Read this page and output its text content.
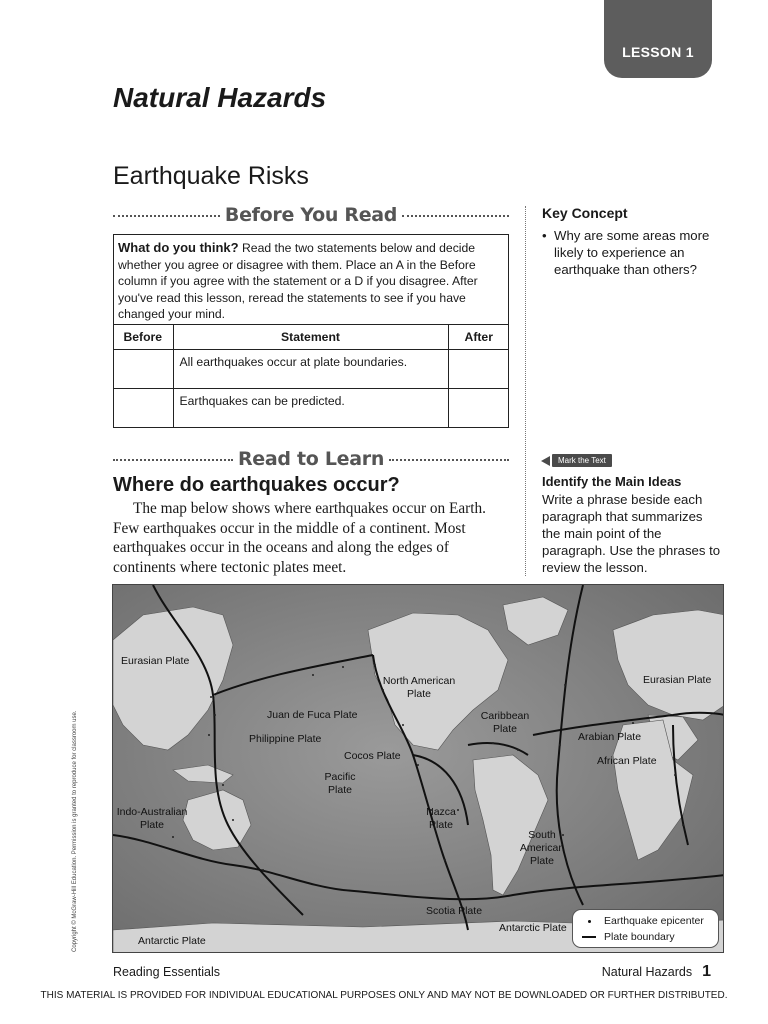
LESSON 1
Natural Hazards
Earthquake Risks
Before You Read
What do you think? Read the two statements below and decide whether you agree or disagree with them. Place an A in the Before column if you agree with the statement or a D if you disagree. After you've read this lesson, reread the statements to see if you have changed your mind.
Before	Statement	After
	All earthquakes occur at plate boundaries.	
	Earthquakes can be predicted.	
Key Concept
• Why are some areas more likely to experience an earthquake than others?
Read to Learn	Mark the Text
Identify the Main Ideas
Write a phrase beside each paragraph that summarizes the main point of the paragraph. Use the phrases to review the lesson.
Where do earthquakes occur?
The map below shows where earthquakes occur on Earth. Few earthquakes occur in the middle of a continent. Most earthquakes occur in the oceans and along the edges of continents where tectonic plates meet.
Eurasian Plate
North American Plate
Eurasian Plate
Juan de Fuca Plate	Caribbean Plate
Philippine Plate	Arabian Plate
Cocos Plate	African Plate
Pacific Plate
Indo-Australian Plate
Nazca Plate
South American Plate
Scotia Plate
Antarctic Plate
Antarctic Plate
Earthquake epicenter
Plate boundary
Copyright © McGraw-Hill Education. Permission is granted to reproduce for classroom use.
Reading Essentials	Natural Hazards 1
THIS MATERIAL IS PROVIDED FOR INDIVIDUAL EDUCATIONAL PURPOSES ONLY AND MAY NOT BE DOWNLOADED OR FURTHER DISTRIBUTED.
